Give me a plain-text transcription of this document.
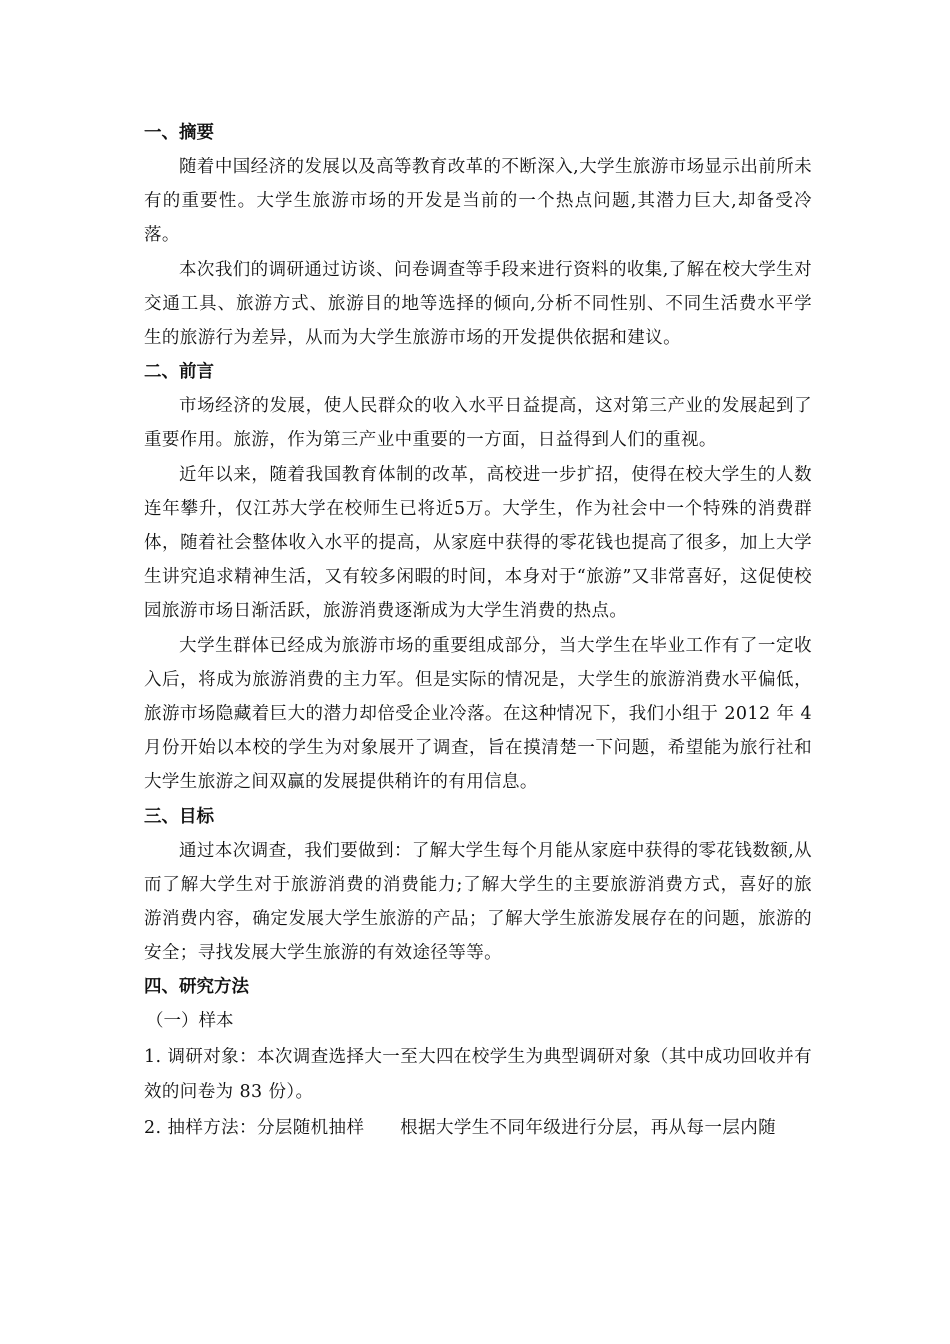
一、摘要

随着中国经济的发展以及高等教育改革的不断深入,大学生旅游市场显示出前所未有的重要性。大学生旅游市场的开发是当前的一个热点问题,其潜力巨大,却备受冷落。

本次我们的调研通过访谈、问卷调查等手段来进行资料的收集,了解在校大学生对交通工具、旅游方式、旅游目的地等选择的倾向,分析不同性别、不同生活费水平学生的旅游行为差异，从而为大学生旅游市场的开发提供依据和建议。

二、前言

市场经济的发展，使人民群众的收入水平日益提高，这对第三产业的发展起到了重要作用。旅游，作为第三产业中重要的一方面，日益得到人们的重视。

近年以来，随着我国教育体制的改革，高校进一步扩招，使得在校大学生的人数连年攀升，仅江苏大学在校师生已将近5万。大学生，作为社会中一个特殊的消费群体，随着社会整体收入水平的提高，从家庭中获得的零花钱也提高了很多，加上大学生讲究追求精神生活，又有较多闲暇的时间，本身对于“旅游”又非常喜好，这促使校园旅游市场日渐活跃，旅游消费逐渐成为大学生消费的热点。

大学生群体已经成为旅游市场的重要组成部分，当大学生在毕业工作有了一定收入后，将成为旅游消费的主力军。但是实际的情况是，大学生的旅游消费水平偏低，旅游市场隐藏着巨大的潜力却倍受企业冷落。在这种情况下，我们小组于 2012 年 4 月份开始以本校的学生为对象展开了调查，旨在摸清楚一下问题，希望能为旅行社和大学生旅游之间双赢的发展提供稍许的有用信息。

三、目标

通过本次调查，我们要做到：了解大学生每个月能从家庭中获得的零花钱数额,从而了解大学生对于旅游消费的消费能力;了解大学生的主要旅游消费方式，喜好的旅游消费内容，确定发展大学生旅游的产品；了解大学生旅游发展存在的问题，旅游的安全；寻找发展大学生旅游的有效途径等等。

四、研究方法

（一）样本

1. 调研对象：本次调查选择大一至大四在校学生为典型调研对象（其中成功回收并有效的问卷为 83 份）。

2. 抽样方法：分层随机抽样　　根据大学生不同年级进行分层，再从每一层内随
